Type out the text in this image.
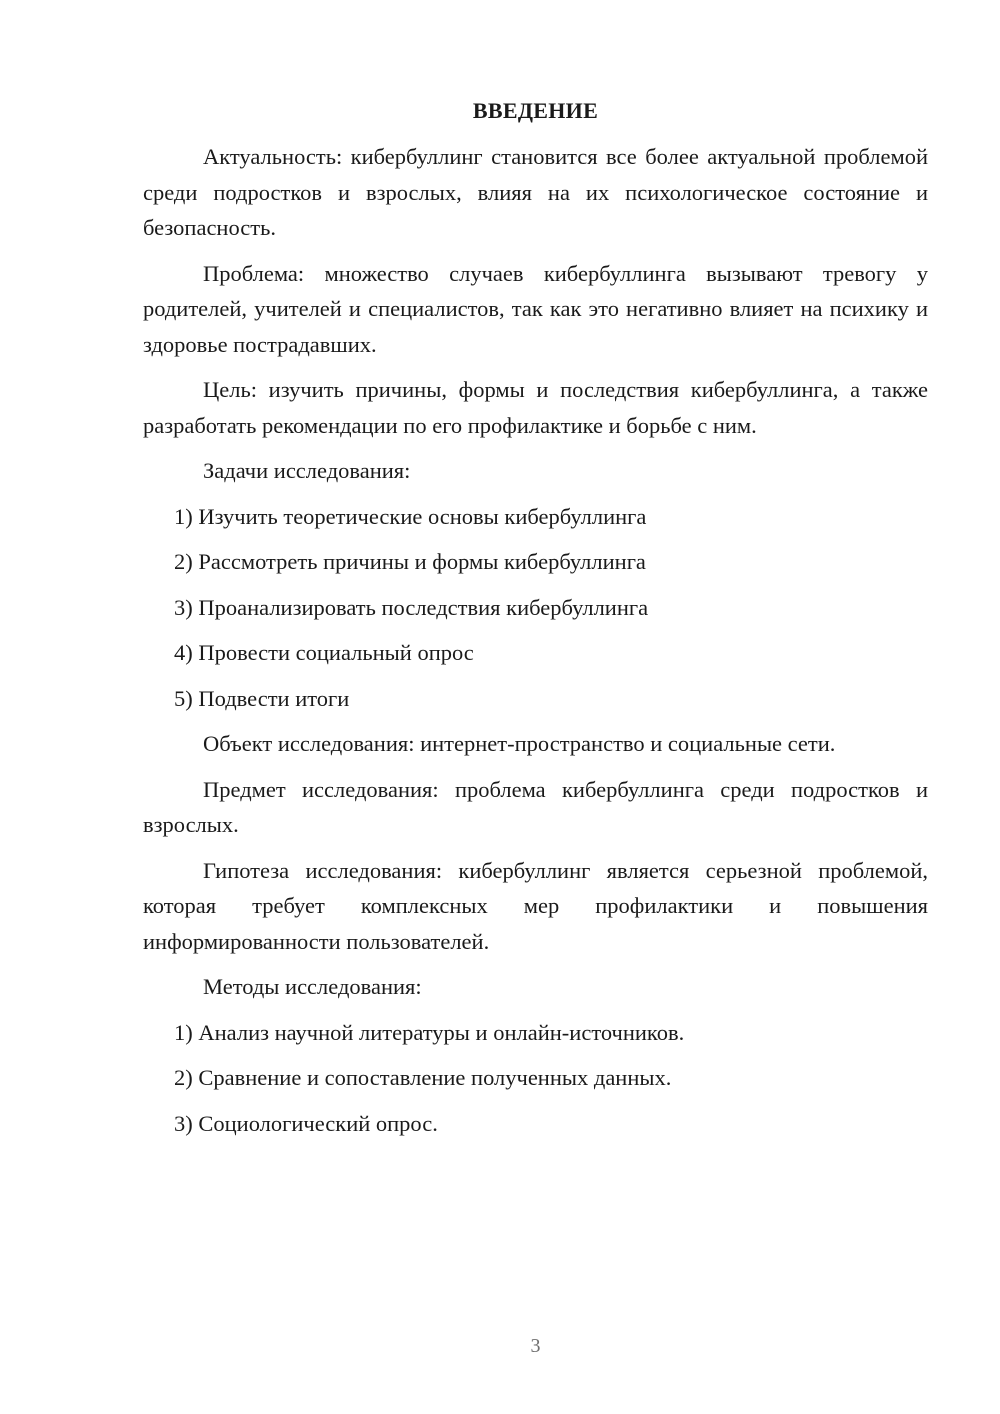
ВВЕДЕНИЕ

Актуальность: кибербуллинг становится все более актуальной проблемой среди подростков и взрослых, влияя на их психологическое состояние и безопасность.

Проблема: множество случаев кибербуллинга вызывают тревогу у родителей, учителей и специалистов, так как это негативно влияет на психику и здоровье пострадавших.

Цель: изучить причины, формы и последствия кибербуллинга, а также разработать рекомендации по его профилактике и борьбе с ним.

Задачи исследования:

1) Изучить теоретические основы кибербуллинга
2) Рассмотреть причины и формы кибербуллинга
3) Проанализировать последствия кибербуллинга
4) Провести социальный опрос
5) Подвести итоги

Объект исследования: интернет-пространство и социальные сети.

Предмет исследования: проблема кибербуллинга среди подростков и взрослых.

Гипотеза исследования: кибербуллинг является серьезной проблемой, которая требует комплексных мер профилактики и повышения информированности пользователей.

Методы исследования:

1) Анализ научной литературы и онлайн-источников.
2) Сравнение и сопоставление полученных данных.
3) Социологический опрос.
3
